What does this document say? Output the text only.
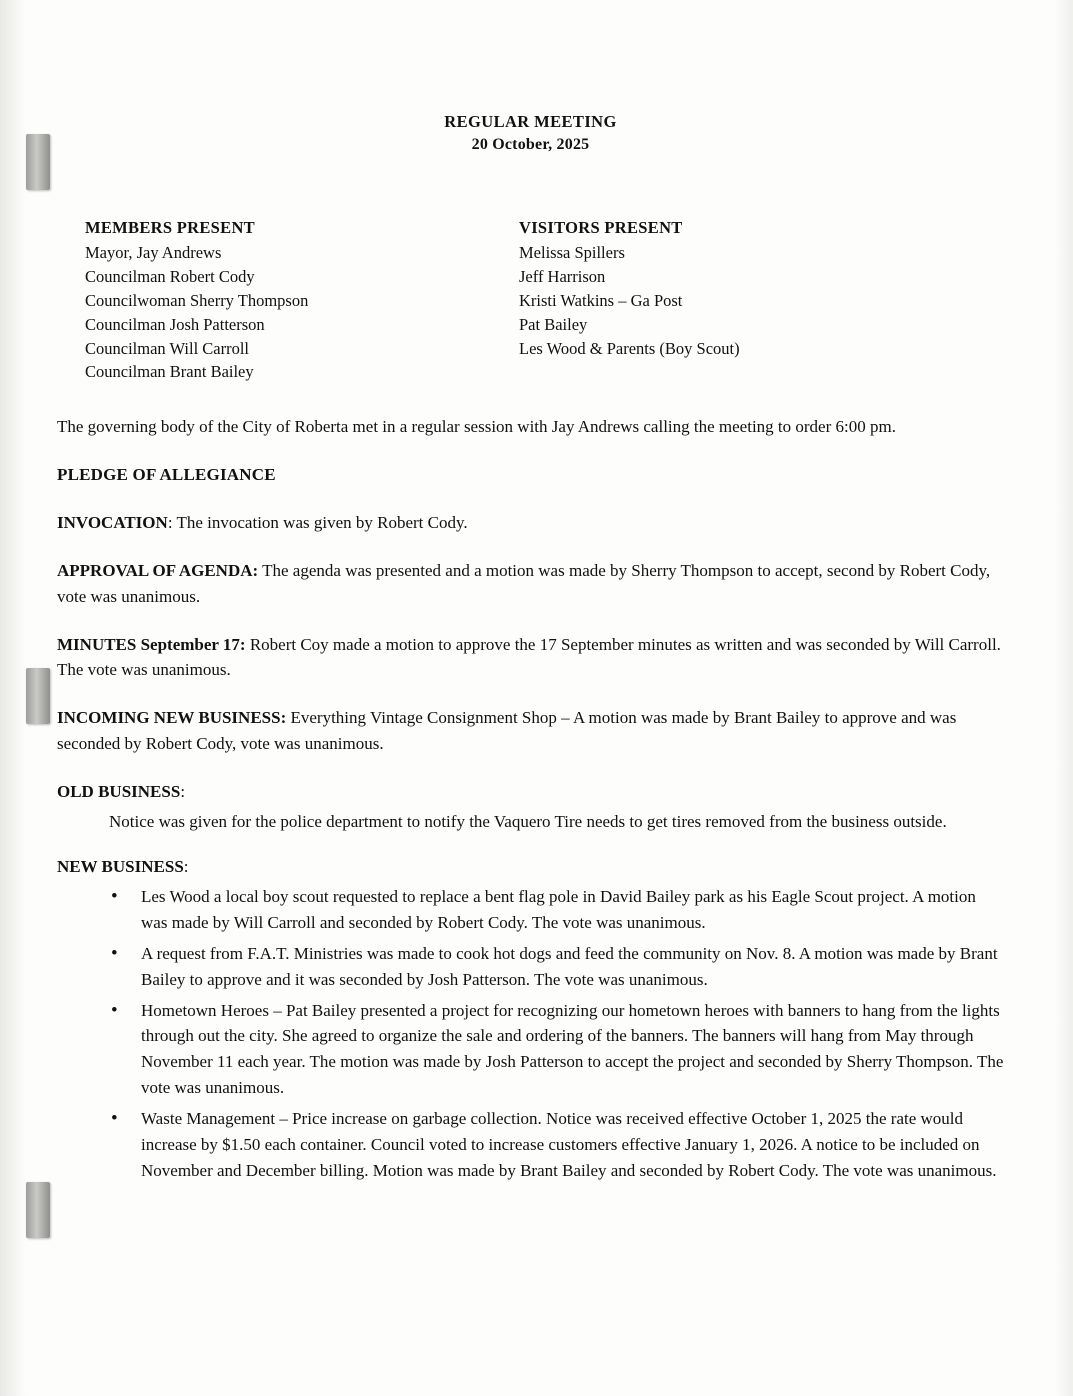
REGULAR MEETING
20 October, 2025
MEMBERS PRESENT
Mayor, Jay Andrews
Councilman Robert Cody
Councilwoman Sherry Thompson
Councilman Josh Patterson
Councilman Will Carroll
Councilman Brant Bailey
VISITORS PRESENT
Melissa Spillers
Jeff Harrison
Kristi Watkins – Ga Post
Pat Bailey
Les Wood & Parents (Boy Scout)

The governing body of the City of Roberta met in a regular session with Jay Andrews calling the meeting to order 6:00 pm.

PLEDGE OF ALLEGIANCE

INVOCATION: The invocation was given by Robert Cody.

APPROVAL OF AGENDA: The agenda was presented and a motion was made by Sherry Thompson to accept, second by Robert Cody, vote was unanimous.

MINUTES September 17: Robert Coy made a motion to approve the 17 September minutes as written and was seconded by Will Carroll. The vote was unanimous.

INCOMING NEW BUSINESS: Everything Vintage Consignment Shop – A motion was made by Brant Bailey to approve and was seconded by Robert Cody, vote was unanimous.

OLD BUSINESS:

Notice was given for the police department to notify the Vaquero Tire needs to get tires removed from the business outside.

NEW BUSINESS:

• Les Wood a local boy scout requested to replace a bent flag pole in David Bailey park as his Eagle Scout project. A motion was made by Will Carroll and seconded by Robert Cody. The vote was unanimous.
• A request from F.A.T. Ministries was made to cook hot dogs and feed the community on Nov. 8. A motion was made by Brant Bailey to approve and it was seconded by Josh Patterson. The vote was unanimous.
• Hometown Heroes – Pat Bailey presented a project for recognizing our hometown heroes with banners to hang from the lights through out the city. She agreed to organize the sale and ordering of the banners. The banners will hang from May through November 11 each year. The motion was made by Josh Patterson to accept the project and seconded by Sherry Thompson. The vote was unanimous.
• Waste Management – Price increase on garbage collection. Notice was received effective October 1, 2025 the rate would increase by $1.50 each container. Council voted to increase customers effective January 1, 2026. A notice to be included on November and December billing. Motion was made by Brant Bailey and seconded by Robert Cody. The vote was unanimous.
